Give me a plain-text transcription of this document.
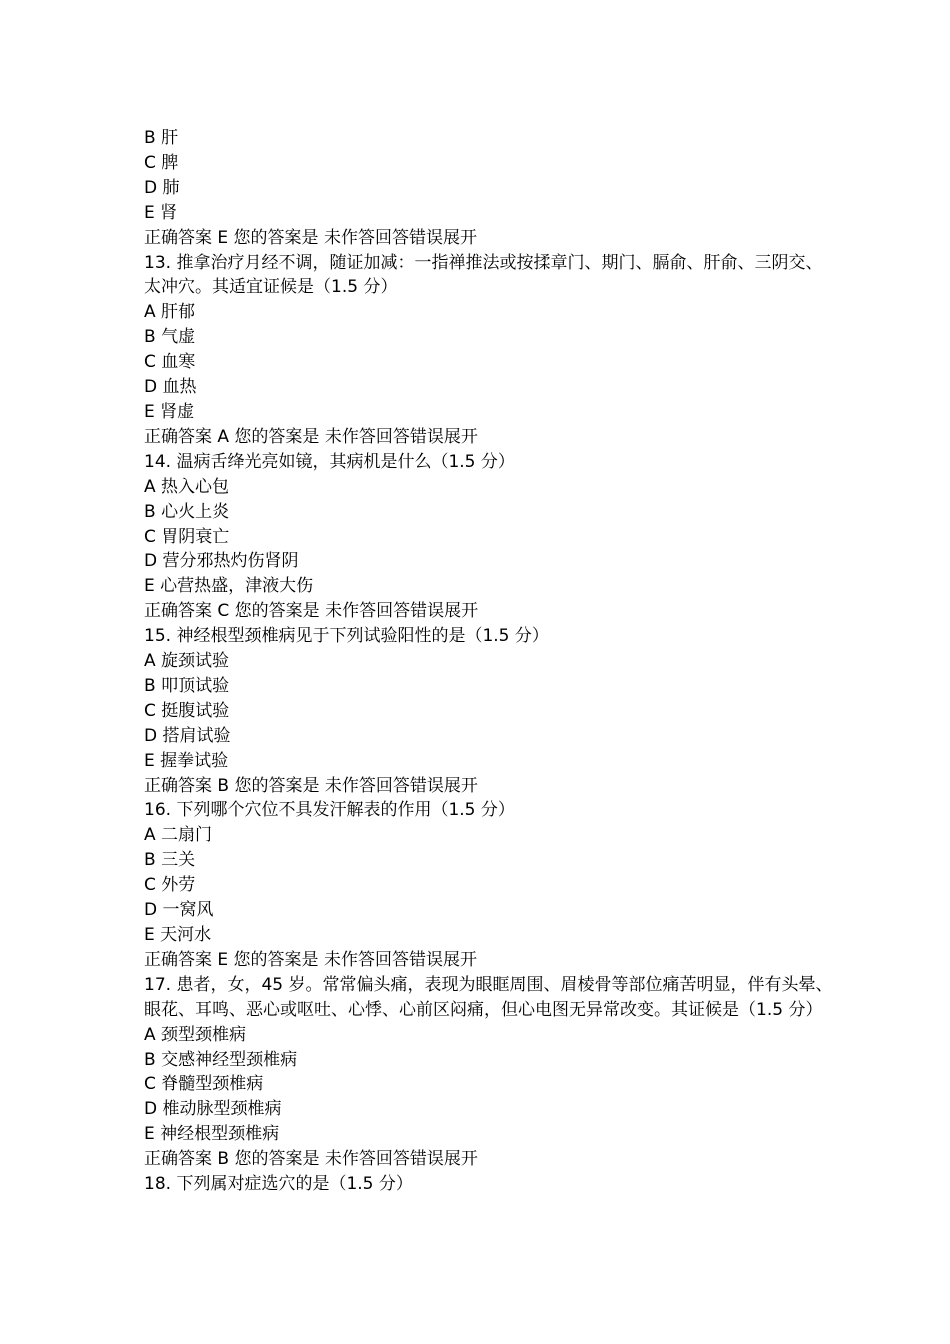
B 肝
C 脾
D 肺
E 肾
正确答案 E 您的答案是 未作答回答错误展开
13. 推拿治疗月经不调，随证加减：一指禅推法或按揉章门、期门、膈俞、肝俞、三阴交、太冲穴。其适宜证候是（1.5 分）
A 肝郁
B 气虚
C 血寒
D 血热
E 肾虚
正确答案 A 您的答案是 未作答回答错误展开
14. 温病舌绛光亮如镜，其病机是什么（1.5 分）
A 热入心包
B 心火上炎
C 胃阴衰亡
D 营分邪热灼伤肾阴
E 心营热盛，津液大伤
正确答案 C 您的答案是 未作答回答错误展开
15. 神经根型颈椎病见于下列试验阳性的是（1.5 分）
A 旋颈试验
B 叩顶试验
C 挺腹试验
D 搭肩试验
E 握拳试验
正确答案 B 您的答案是 未作答回答错误展开
16. 下列哪个穴位不具发汗解表的作用（1.5 分）
A 二扇门
B 三关
C 外劳
D 一窝风
E 天河水
正确答案 E 您的答案是 未作答回答错误展开
17. 患者，女，45 岁。常常偏头痛，表现为眼眶周围、眉棱骨等部位痛苦明显，伴有头晕、眼花、耳鸣、恶心或呕吐、心悸、心前区闷痛，但心电图无异常改变。其证候是（1.5 分）
A 颈型颈椎病
B 交感神经型颈椎病
C 脊髓型颈椎病
D 椎动脉型颈椎病
E 神经根型颈椎病
正确答案 B 您的答案是 未作答回答错误展开
18. 下列属对症选穴的是（1.5 分）
